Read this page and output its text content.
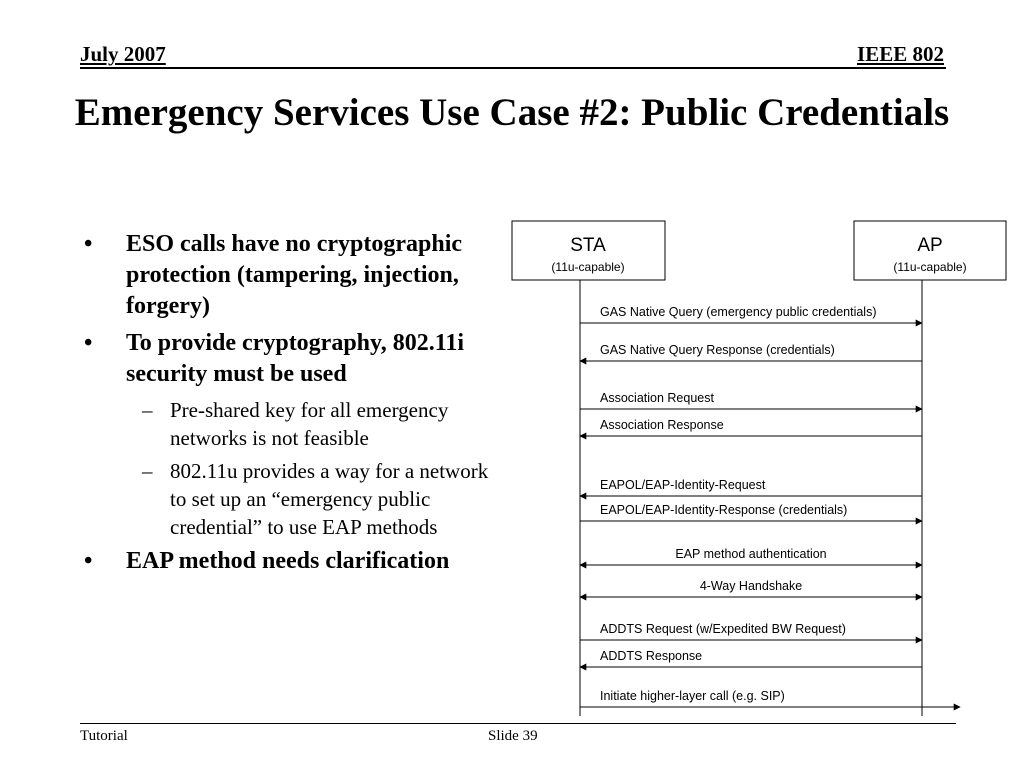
July 2007	IEEE 802
Emergency Services Use Case #2: Public Credentials
• ESO calls have no cryptographic protection (tampering, injection, forgery)
• To provide cryptography, 802.11i security must be used
– Pre-shared key for all emergency networks is not feasible
– 802.11u provides a way for a network to set up an “emergency public credential” to use EAP methods
• EAP method needs clarification
STA
(11u-capable)
AP
(11u-capable)
GAS Native Query (emergency public credentials)
GAS Native Query Response (credentials)
Association Request
Association Response
EAPOL/EAP-Identity-Request
EAPOL/EAP-Identity-Response (credentials)
EAP method authentication
4-Way Handshake
ADDTS Request (w/Expedited BW Request)
ADDTS Response
Initiate higher-layer call (e.g. SIP)
Tutorial	Slide 39
